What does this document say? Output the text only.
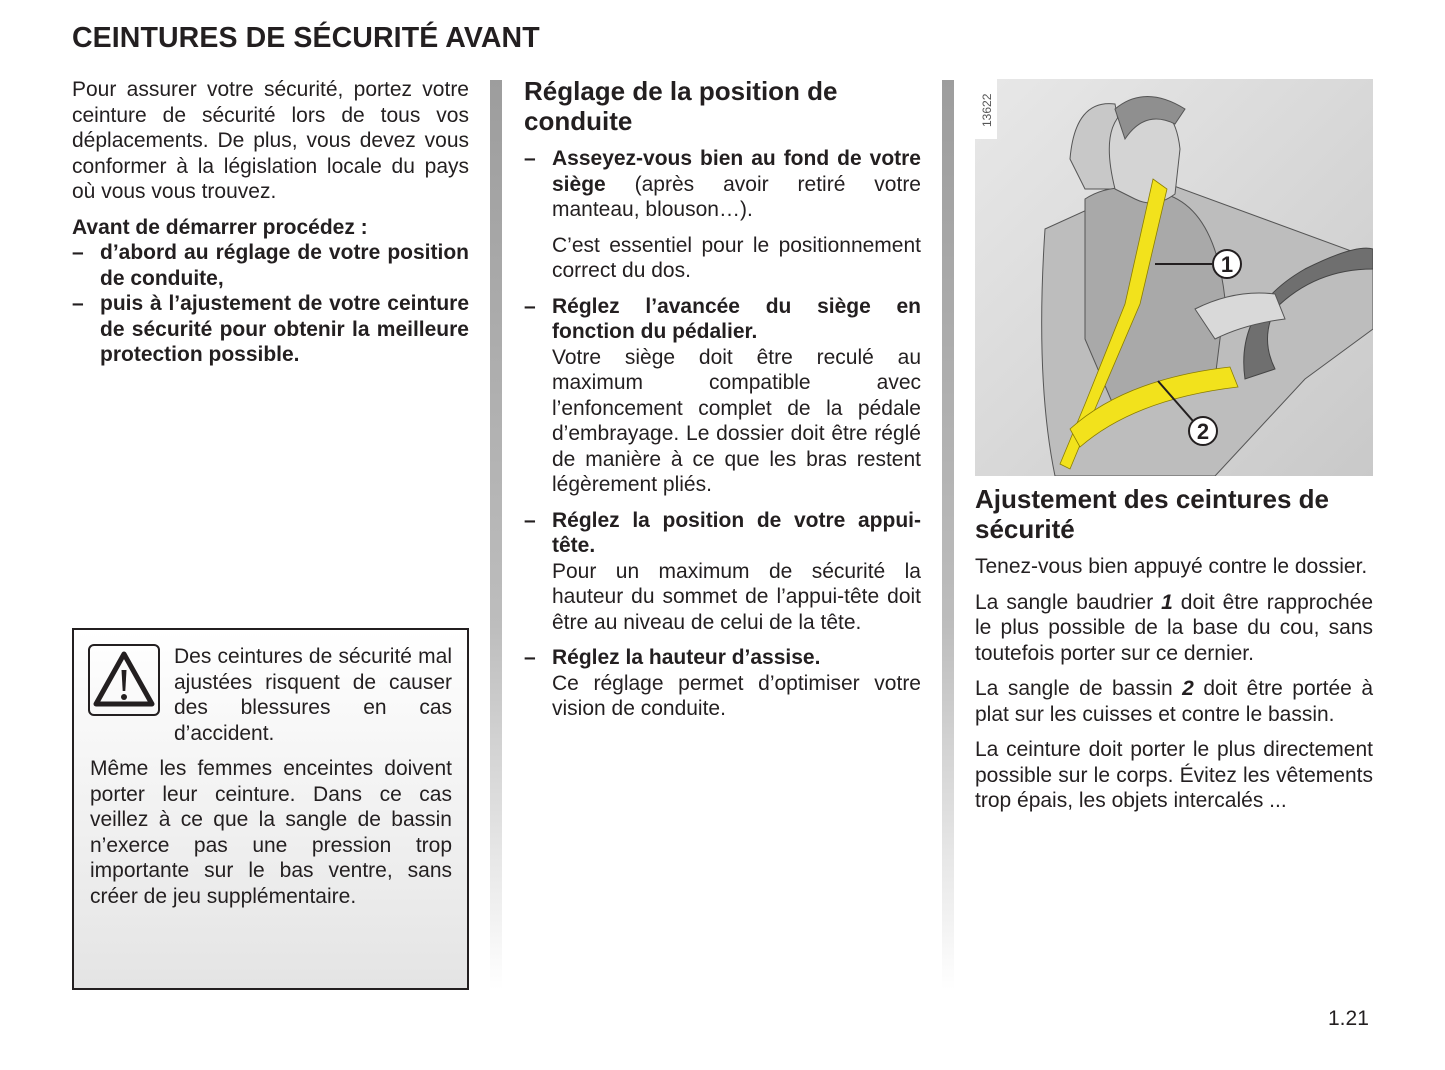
CEINTURES DE SÉCURITÉ AVANT

Pour assurer votre sécurité, portez votre ceinture de sécurité lors de tous vos déplacements. De plus, vous devez vous conformer à la législation locale du pays où vous vous trouvez.

Avant de démarrer procédez :

– d’abord au réglage de votre position de conduite,
– puis à l’ajustement de votre ceinture de sécurité pour obtenir la meilleure protection possible.
Des ceintures de sécurité mal ajustées risquent de causer des blessures en cas d’accident.
Même les femmes enceintes doivent porter leur ceinture. Dans ce cas veillez à ce que la sangle de bassin n’exerce pas une pression trop importante sur le bas ventre, sans créer de jeu supplémentaire.
Réglage de la position de conduite
– Asseyez-vous bien au fond de votre siège (après avoir retiré votre manteau, blouson…).

C’est essentiel pour le positionnement correct du dos.

– Réglez l’avancée du siège en fonction du pédalier.
Votre siège doit être reculé au maximum compatible avec l’enfoncement complet de la pédale d’embrayage. Le dossier doit être réglé de manière à ce que les bras restent légèrement pliés.
– Réglez la position de votre appui-tête.
Pour un maximum de sécurité la hauteur du sommet de l’appui-tête doit être au niveau de celui de la tête.
– Réglez la hauteur d’assise.
Ce réglage permet d’optimiser votre vision de conduite.
1
2
13622
Ajustement des ceintures de sécurité

Tenez-vous bien appuyé contre le dossier.

La sangle baudrier 1 doit être rapprochée le plus possible de la base du cou, sans toutefois porter sur ce dernier.

La sangle de bassin 2 doit être portée à plat sur les cuisses et contre le bassin.

La ceinture doit porter le plus directement possible sur le corps. Évitez les vêtements trop épais, les objets intercalés ...

1.21
